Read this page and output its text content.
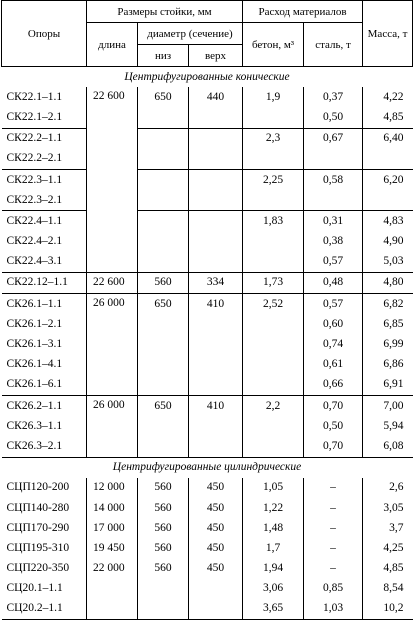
Опоры	Размеры стойки, мм			Расход материалов		Масса, т
	длина	диаметр (сечение)		бетон, м³	сталь, т	
		низ	верх			
Центрифугированные конические						
СК22.1–1.1	22 600	650	440	1,9	0,37	4,22
СК22.1–2.1					0,50	4,85
СК22.2–1.1				2,3	0,67	6,40
СК22.2–2.1						
СК22.3–1.1				2,25	0,58	6,20
СК22.3–2.1						
СК22.4–1.1				1,83	0,31	4,83
СК22.4–2.1					0,38	4,90
СК22.4–3.1					0,57	5,03
СК22.12–1.1	22 600	560	334	1,73	0,48	4,80
СК26.1–1.1	26 000	650	410	2,52	0,57	6,82
СК26.1–2.1					0,60	6,85
СК26.1–3.1					0,74	6,99
СК26.1–4.1					0,61	6,86
СК26.1–6.1					0,66	6,91
СК26.2–1.1	26 000	650	410	2,2	0,70	7,00
СК26.3–1.1					0,50	5,94
СК26.3–2.1					0,70	6,08
Центрифугированные цилиндрические						
СЦП120-200	12 000	560	450	1,05	–	2,6
СЦП140-280	14 000	560	450	1,22	–	3,05
СЦП170-290	17 000	560	450	1,48	–	3,7
СЦП195-310	19 450	560	450	1,7	–	4,25
СЦП220-350	22 000	560	450	1,94	–	4,85
СЦ20.1–1.1				3,06	0,85	8,54
СЦ20.2–1.1				3,65	1,03	10,2
